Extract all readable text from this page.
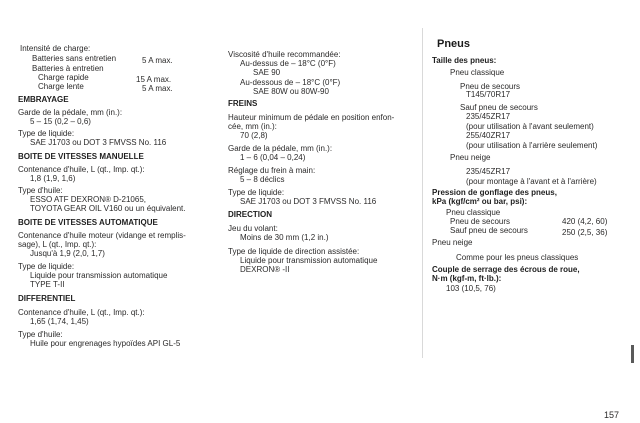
Intensité de charge:
Batteries sans entretien	5 A max.
Batteries à entretien
Charge rapide	15 A max.
Charge lente	5 A max.
EMBRAYAGE
Garde de la pédale, mm (in.):
5 – 15 (0,2 – 0,6)
Type de liquide:
SAE J1703 ou DOT 3 FMVSS No. 116
BOITE DE VITESSES MANUELLE
Contenance d'huile, L (qt., Imp. qt.):
1,8 (1,9, 1,6)
Type d'huile:
ESSO ATF DEXRON® D-21065,
TOYOTA GEAR OIL V160 ou un équivalent.
BOITE DE VITESSES AUTOMATIQUE
Contenance d'huile moteur (vidange et remplis-
sage), L (qt., Imp. qt.):
Jusqu'à 1,9 (2,0, 1,7)
Type de liquide:
Liquide pour transmission automatique
TYPE T-II
DIFFERENTIEL
Contenance d'huile, L (qt., Imp. qt.):
1,65 (1,74, 1,45)
Type d'huile:
Huile pour engrenages hypoïdes API GL-5
Viscosité d'huile recommandée:
Au-dessus de – 18°C (0°F)
SAE 90
Au-dessous de – 18°C (0°F)
SAE 80W ou 80W-90
FREINS
Hauteur minimum de pédale en position enfon-
cée, mm (in.):
70 (2,8)
Garde de la pédale, mm (in.):
1 – 6 (0,04 – 0,24)
Réglage du frein à main:
5 – 8 déclics
Type de liquide:
SAE J1703 ou DOT 3 FMVSS No. 116
DIRECTION
Jeu du volant:
Moins de 30 mm (1,2 in.)
Type de liquide de direction assistée:
Liquide pour transmission automatique
DEXRON® -II
Pneus
Taille des pneus:
Pneu classique
Pneu de secours
T145/70R17
Sauf pneu de secours
235/45ZR17
(pour utilisation à l'avant seulement)
255/40ZR17
(pour utilisation à l'arrière seulement)
Pneu neige
235/45ZR17
(pour montage à l'avant et à l'arrière)
Pression de gonflage des pneus,
kPa (kgf/cm² ou bar, psi):
Pneu classique
Pneu de secours	420 (4,2, 60)
Sauf pneu de secours	250 (2,5, 36)
Pneu neige
Comme pour les pneus classiques
Couple de serrage des écrous de roue,
N·m (kgf-m, ft·lb.):
103 (10,5, 76)
157
